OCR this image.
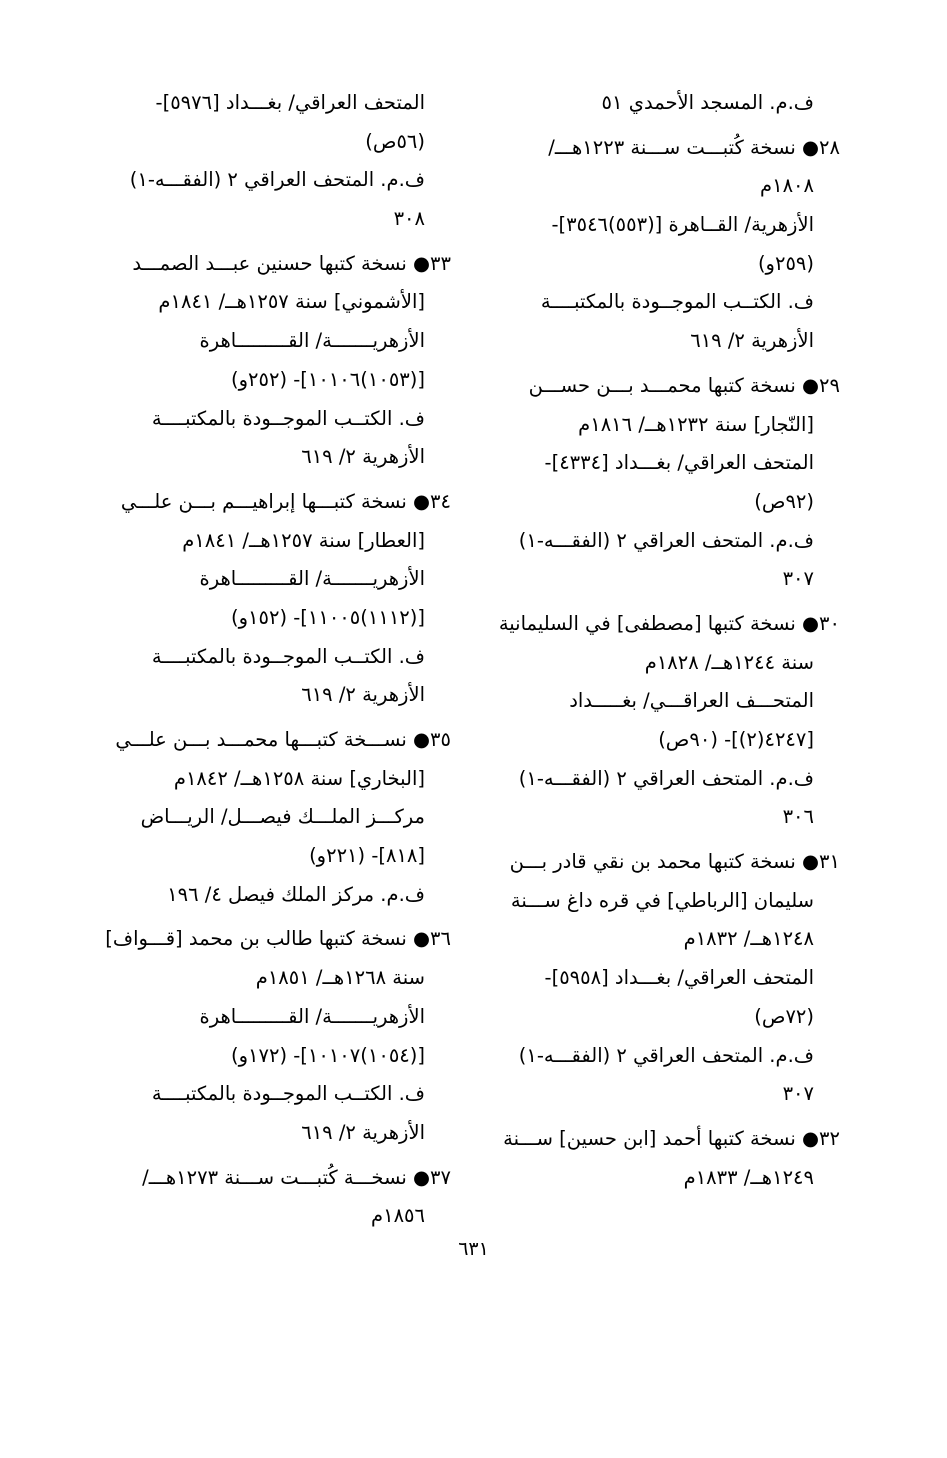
ف.م. المسجد الأحمدي ٥١
٢٨● نسخة كُتبـــت ســـنة ١٢٢٣هـــ/
١٨٠٨م
الأزهرية/ القــاهرة [(٥٥٣)٣٥٤٦]-
(٢٥٩و)
ف. الكتــب الموجــودة بالمكتبــــة
الأزهرية ٢/ ٦١٩
٢٩● نسخة كتبها محمـــد بـــن حســـن
[النّجار] سنة ١٢٣٢هــ/ ١٨١٦م
المتحف العراقي/ بغـــداد [٤٣٣٤]-
(٩٢ص)
ف.م. المتحف العراقي ٢ (الفقـــه-١)
٣٠٧
٣٠● نسخة كتبها [مصطفى] في السليمانية
سنة ١٢٤٤هــ/ ١٨٢٨م
المتحـــف العراقـــي/ بغـــــداد
[٤٢٤٧(٢)]- (٩٠ص)
ف.م. المتحف العراقي ٢ (الفقـــه-١)
٣٠٦
٣١● نسخة كتبها محمد بن نقي قادر بـــن
سليمان [الرباطي] في قره داغ ســـنة
١٢٤٨هــ/ ١٨٣٢م
المتحف العراقي/ بغـــداد [٥٩٥٨]-
(٧٢ص)
ف.م. المتحف العراقي ٢ (الفقـــه-١)
٣٠٧
٣٢● نسخة كتبها أحمد [ابن حسين] ســـنة
١٢٤٩هــ/ ١٨٣٣م
المتحف العراقي/ بغـــداد [٥٩٧٦]-
(٥٦ص)
ف.م. المتحف العراقي ٢ (الفقـــه-١)
٣٠٨
٣٣● نسخة كتبها حسنين عبـــد الصمـــد
[الأشموني] سنة ١٢٥٧هــ/ ١٨٤١م
الأزهريـــــــة/ القـــــــــاهرة
[(١٠٥٣)١٠١٠٦]- (٢٥٢و)
ف. الكتــب الموجــودة بالمكتبــــة
الأزهرية ٢/ ٦١٩
٣٤● نسخة كتبـــها إبراهيـــم بـــن علـــي
[العطار] سنة ١٢٥٧هــ/ ١٨٤١م
الأزهريـــــــة/ القـــــــــاهرة
[(١١١٢)١١٠٠٥]- (١٥٢و)
ف. الكتــب الموجــودة بالمكتبــــة
الأزهرية ٢/ ٦١٩
٣٥● نســـخة كتبـــها محمـــد بـــن علـــي
[البخاري] سنة ١٢٥٨هــ/ ١٨٤٢م
مركـــز الملـــك فيصـــل/ الريـــاض
[٨١٨]- (٢٢١و)
ف.م. مركز الملك فيصل ٤/ ١٩٦
٣٦● نسخة كتبها طالب بن محمد [قـــواف]
سنة ١٢٦٨هــ/ ١٨٥١م
الأزهريـــــــة/ القـــــــــاهرة
[(١٠٥٤)١٠١٠٧]- (١٧٢و)
ف. الكتــب الموجــودة بالمكتبــــة
الأزهرية ٢/ ٦١٩
٣٧● نسخـــة كُتبـــت ســـنة ١٢٧٣هـــ/
١٨٥٦م
٦٣١
